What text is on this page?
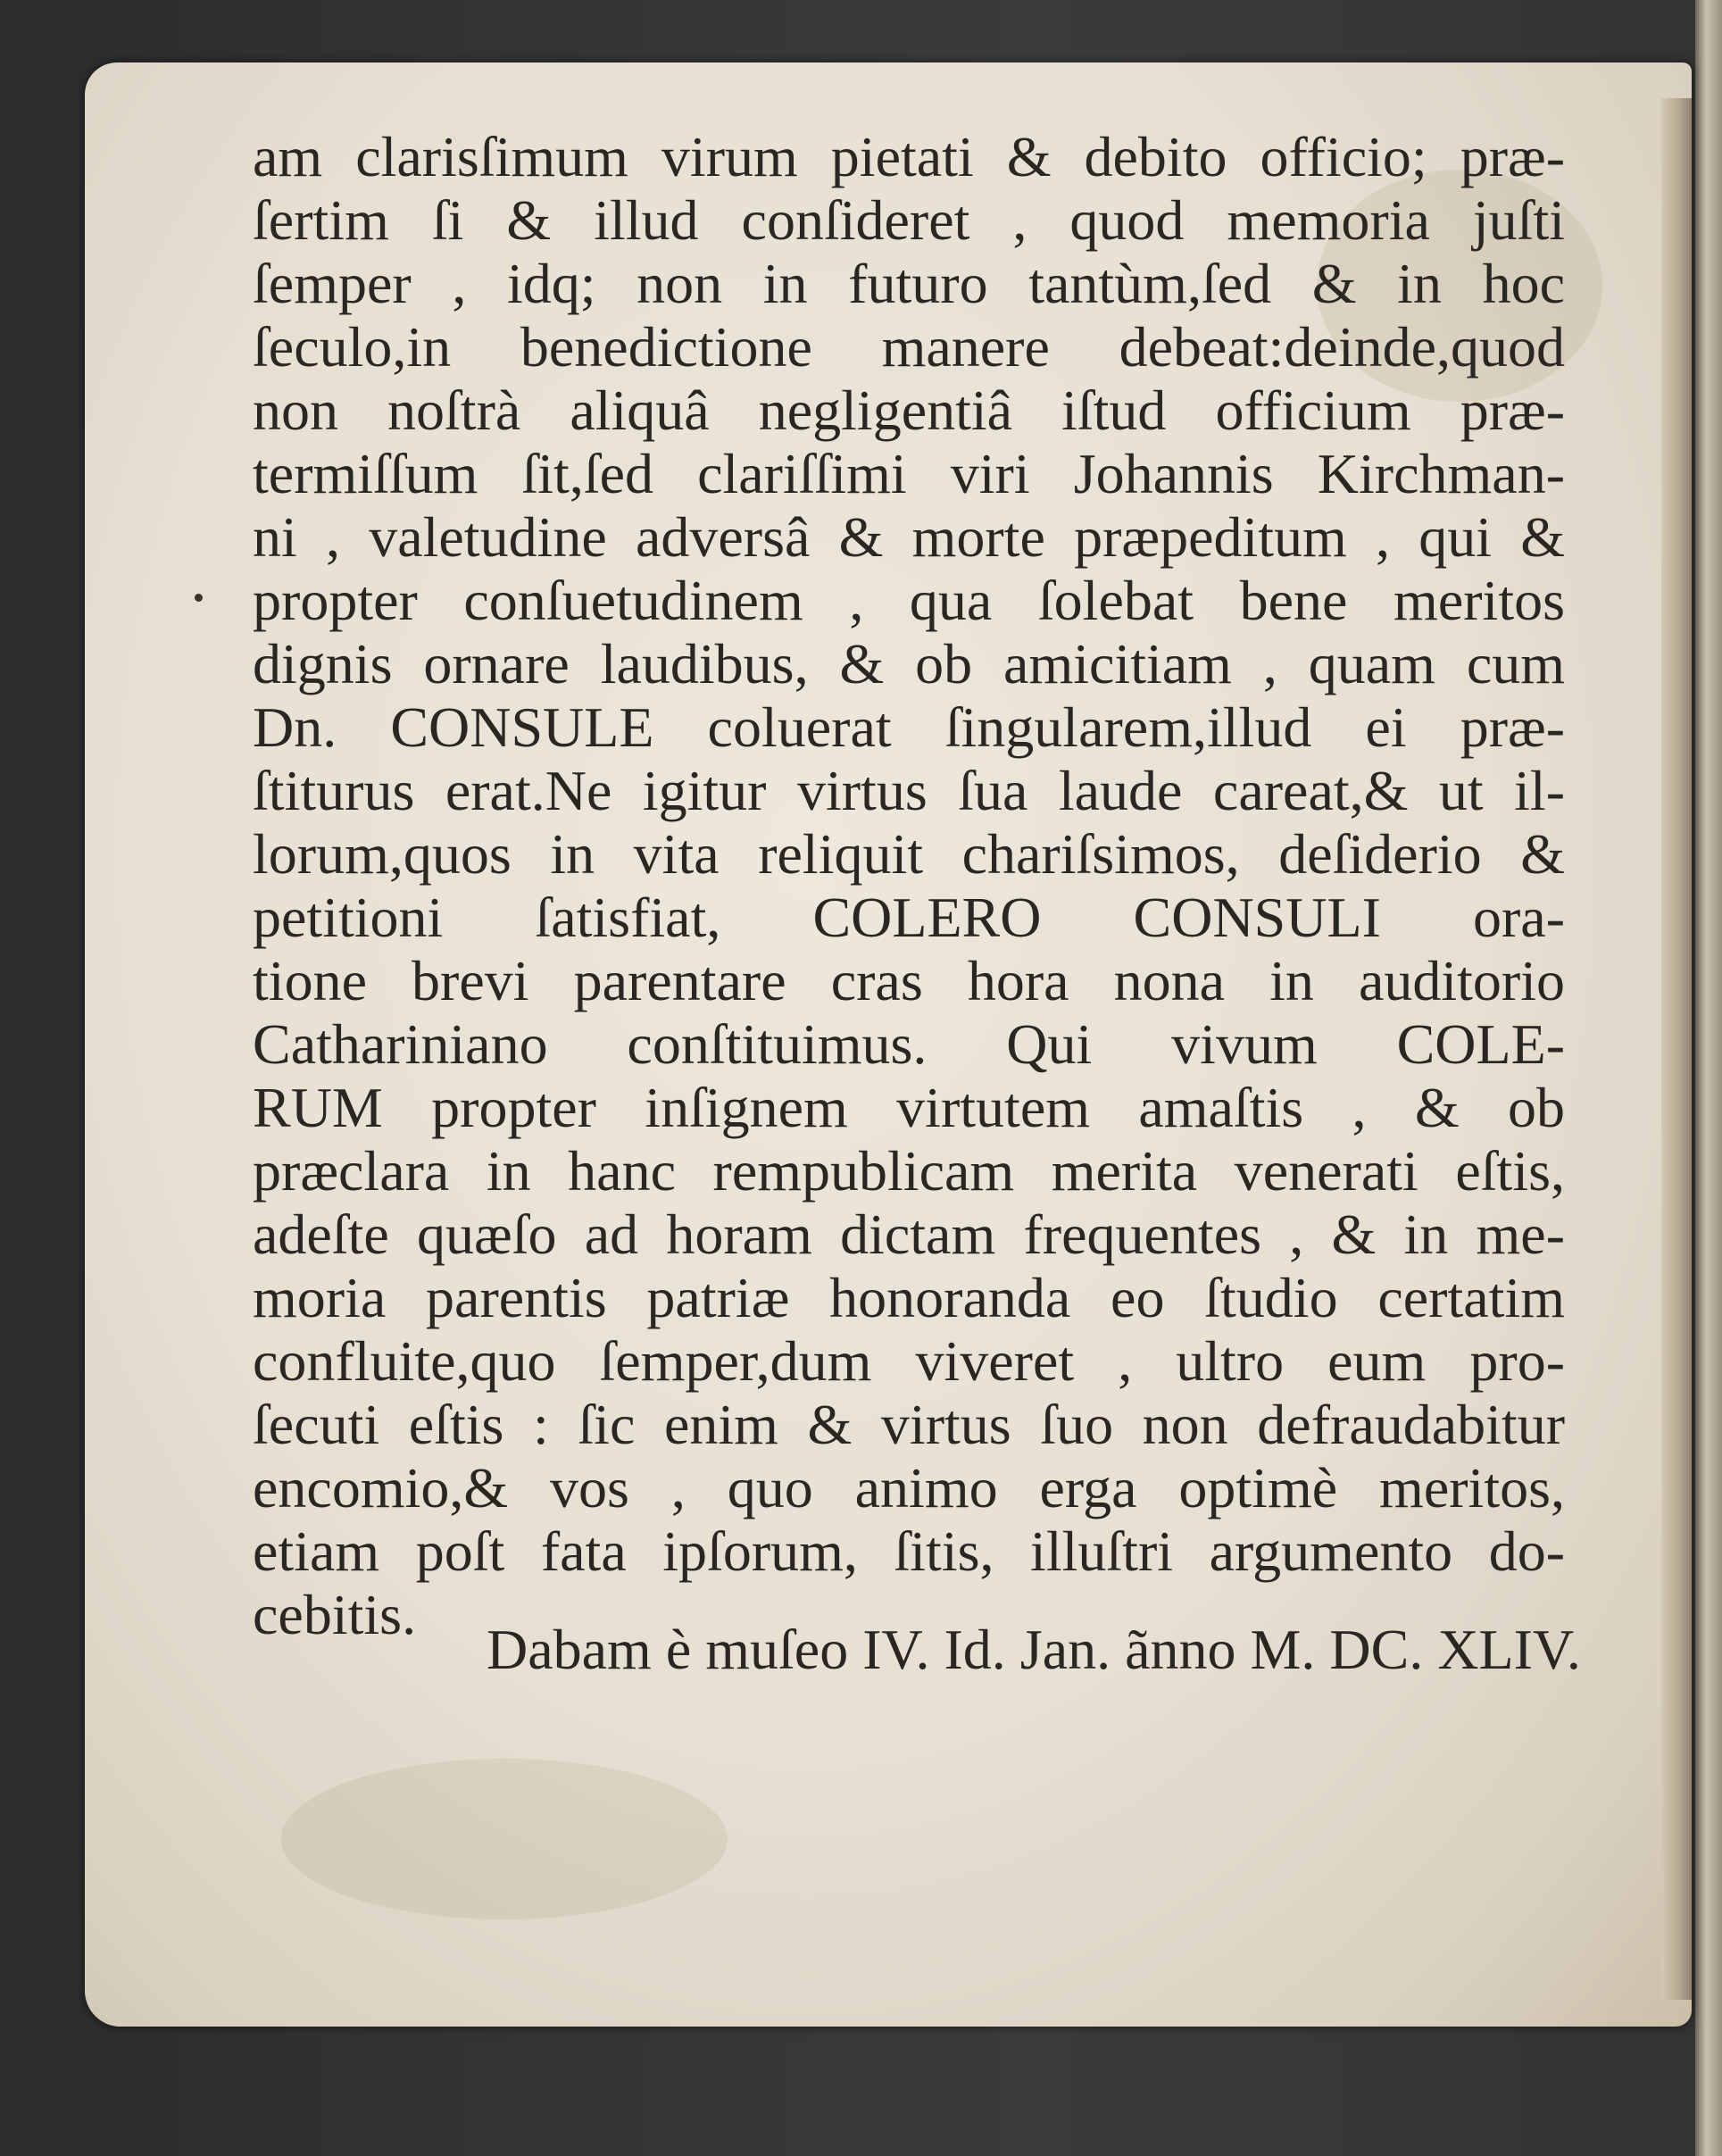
am clarisſimum virum pietati & debito officio; præ-
ſertim ſi & illud conſideret , quod memoria juſti
ſemper , idq; non in futuro tantùm,ſed & in hoc
ſeculo,in benedictione manere debeat:deinde,quod
non noſtrà aliquâ negligentiâ iſtud officium præ-
termiſſum ſit,ſed clariſſimi viri Johannis Kirchman-
ni , valetudine adversâ & morte præpeditum , qui &
propter conſuetudinem , qua ſolebat bene meritos
dignis ornare laudibus, & ob amicitiam , quam cum
Dn. CONSULE coluerat ſingularem,illud ei præ-
ſtiturus erat.Ne igitur virtus ſua laude careat,& ut il-
lorum,quos in vita reliquit chariſsimos, deſiderio &
petitioni ſatisfiat, COLERO CONSULI ora-
tione brevi parentare cras hora nona in auditorio
Cathariniano conſtituimus. Qui vivum COLE-
RUM propter inſignem virtutem amaſtis , & ob
præclara in hanc rempublicam merita venerati eſtis,
adeſte quæſo ad horam dictam frequentes , & in me-
moria parentis patriæ honoranda eo ſtudio certatim
confluite,quo ſemper,dum viveret , ultro eum pro-
ſecuti eſtis : ſic enim & virtus ſuo non defraudabitur
encomio,& vos , quo animo erga optimè meritos,
etiam poſt fata ipſorum, ſitis, illuſtri argumento do-
cebitis.
Dabam è muſeo IV. Id. Jan. ãnno M. DC. XLIV.
